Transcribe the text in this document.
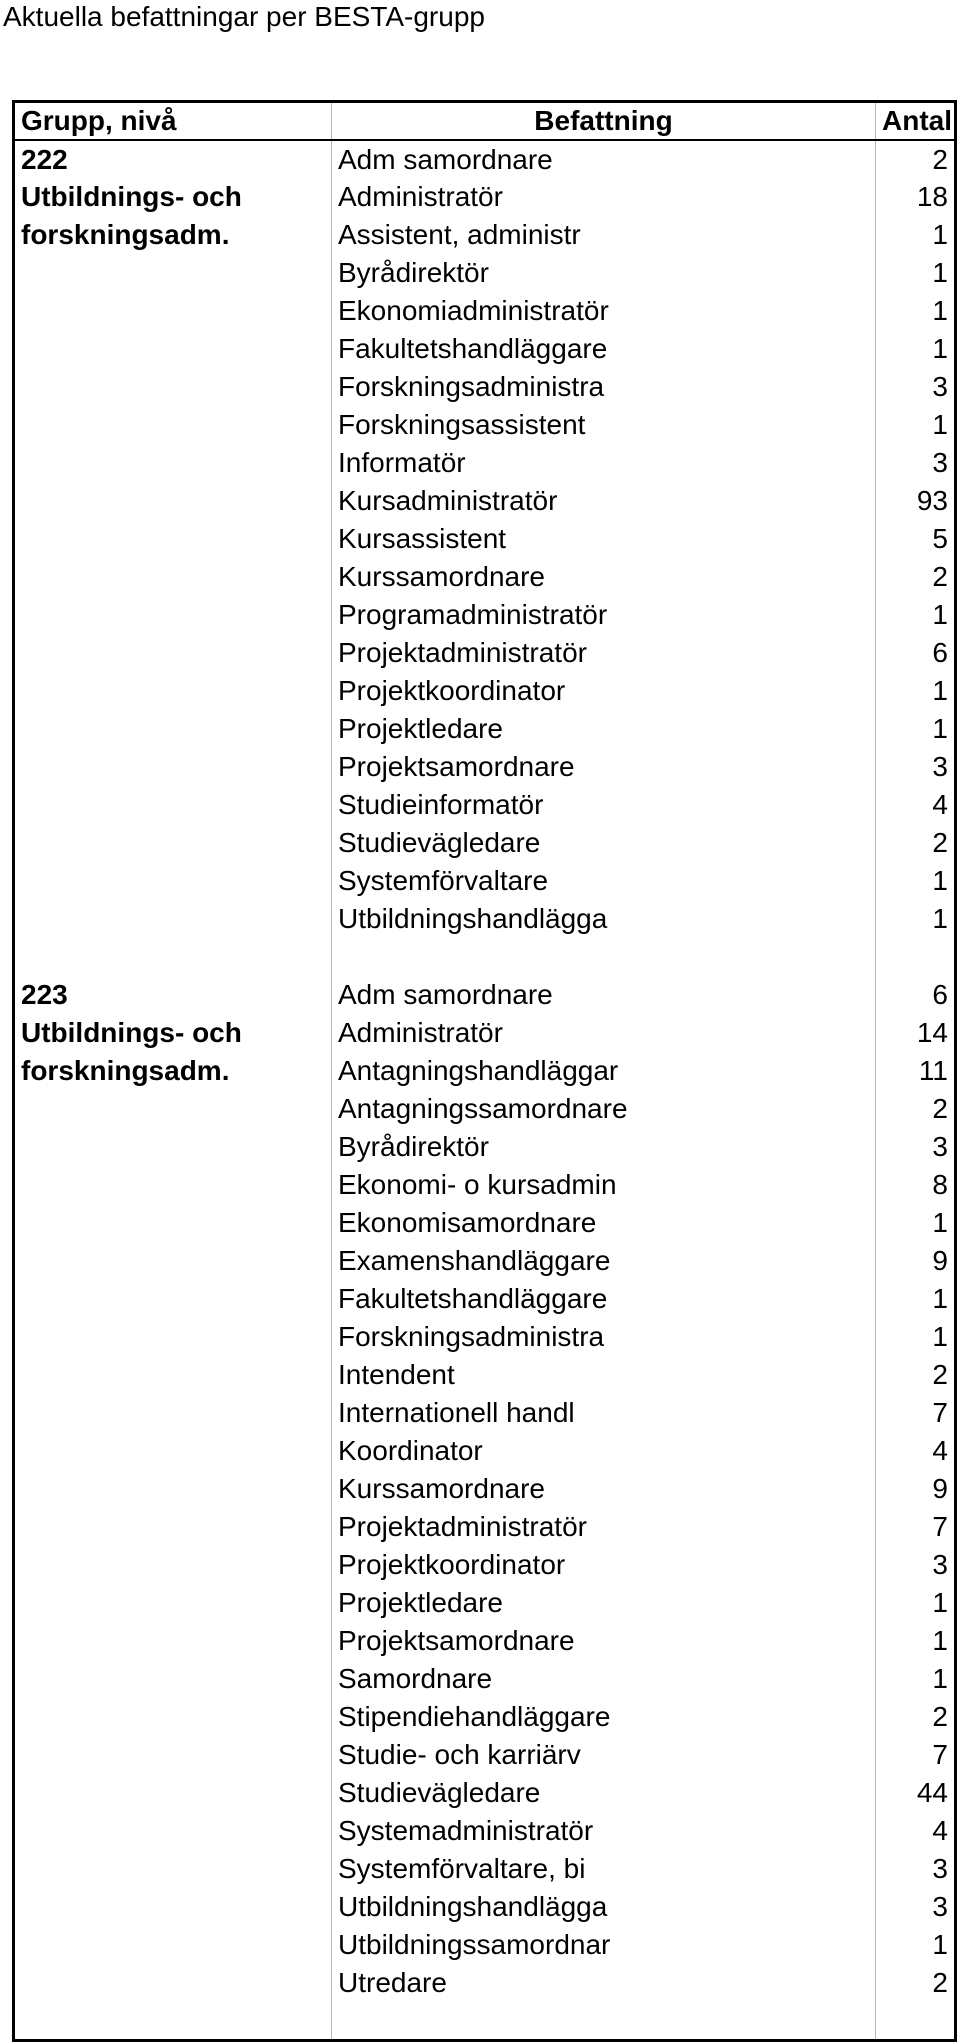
Aktuella befattningar per BESTA-grupp
Grupp, nivå	Befattning	Antal
222	Adm samordnare	2
Utbildnings- och	Administratör	18
forskningsadm.	Assistent, administr	1
	Byrådirektör	1
	Ekonomiadministratör	1
	Fakultetshandläggare	1
	Forskningsadministra	3
	Forskningsassistent	1
	Informatör	3
	Kursadministratör	93
	Kursassistent	5
	Kurssamordnare	2
	Programadministratör	1
	Projektadministratör	6
	Projektkoordinator	1
	Projektledare	1
	Projektsamordnare	3
	Studieinformatör	4
	Studievägledare	2
	Systemförvaltare	1
	Utbildningshandlägga	1

223	Adm samordnare	6
Utbildnings- och	Administratör	14
forskningsadm.	Antagningshandläggar	11
	Antagningssamordnare	2
	Byrådirektör	3
	Ekonomi- o kursadmin	8
	Ekonomisamordnare	1
	Examenshandläggare	9
	Fakultetshandläggare	1
	Forskningsadministra	1
	Intendent	2
	Internationell handl	7
	Koordinator	4
	Kurssamordnare	9
	Projektadministratör	7
	Projektkoordinator	3
	Projektledare	1
	Projektsamordnare	1
	Samordnare	1
	Stipendiehandläggare	2
	Studie- och karriärv	7
	Studievägledare	44
	Systemadministratör	4
	Systemförvaltare, bi	3
	Utbildningshandlägga	3
	Utbildningssamordnar	1
	Utredare	2
